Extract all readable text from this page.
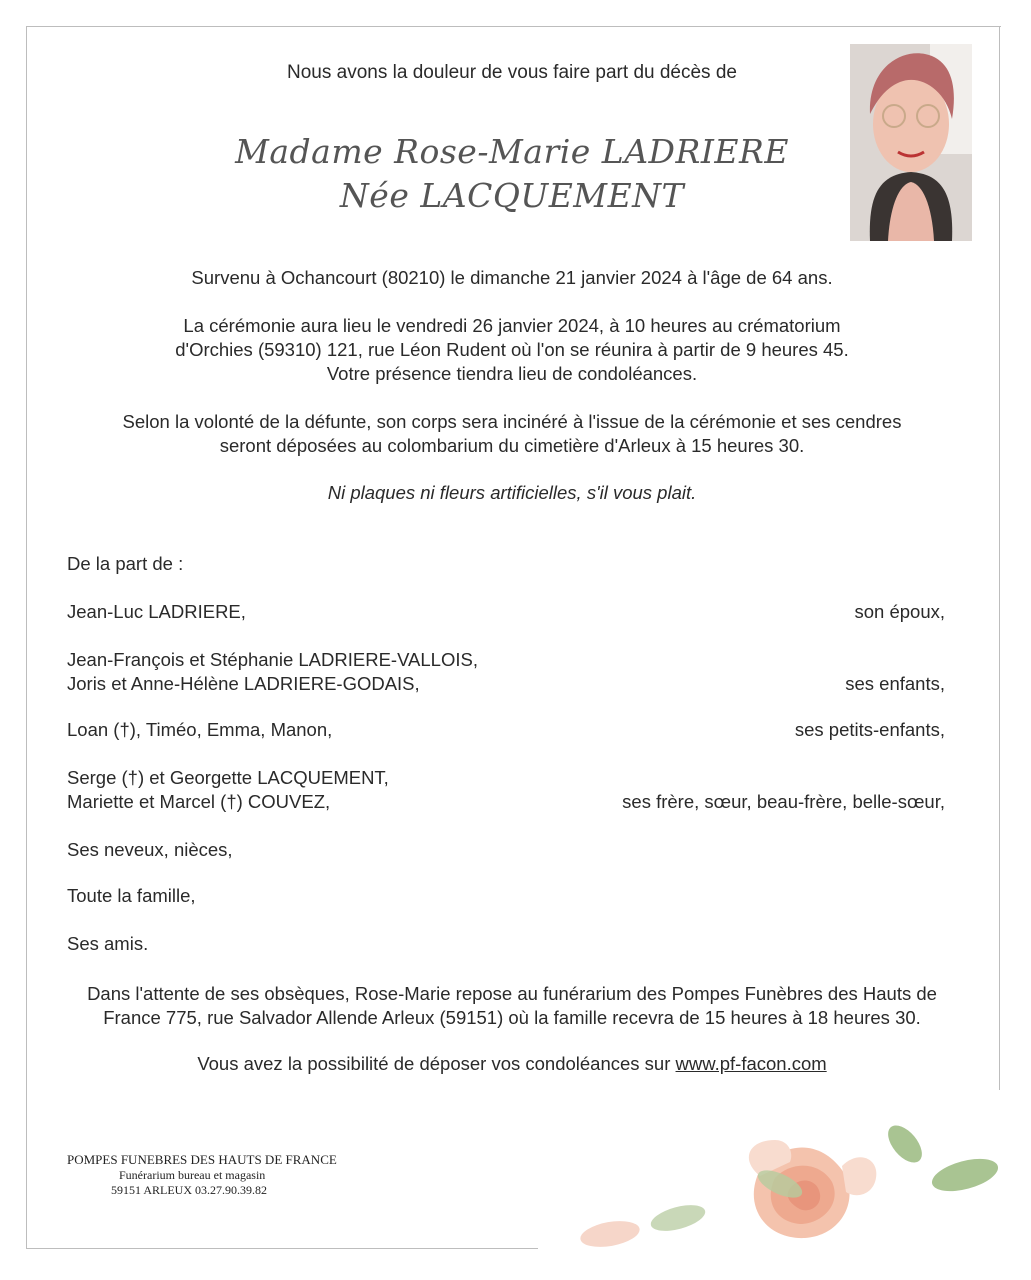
Nous avons la douleur de vous faire part du décès de
Madame Rose-Marie LADRIERE
Née LACQUEMENT
Survenu à Ochancourt (80210) le dimanche 21 janvier 2024 à l'âge de 64 ans.
La cérémonie aura lieu le vendredi 26 janvier 2024, à 10 heures au crématorium
d'Orchies (59310) 121, rue Léon Rudent où l'on se réunira à partir de 9 heures 45.
Votre présence tiendra lieu de condoléances.
Selon la volonté de la défunte, son corps sera incinéré à l'issue de la cérémonie et ses cendres
seront déposées au colombarium du cimetière d'Arleux à 15 heures 30.
Ni plaques ni fleurs artificielles, s'il vous plait.
De la part de :
Jean-Luc LADRIERE,	son époux,
Jean-François et Stéphanie LADRIERE-VALLOIS,
Joris et Anne-Hélène LADRIERE-GODAIS,	ses enfants,
Loan (†), Timéo, Emma, Manon,	ses petits-enfants,
Serge (†) et Georgette LACQUEMENT,
Mariette et Marcel (†) COUVEZ,	ses frère, sœur, beau-frère, belle-sœur,
Ses neveux, nièces,
Toute la famille,
Ses amis.
Dans l'attente de ses obsèques, Rose-Marie repose au funérarium des Pompes Funèbres des Hauts de
France 775, rue Salvador Allende Arleux (59151) où la famille recevra de 15 heures à 18 heures 30.
Vous avez la possibilité de déposer vos condoléances sur www.pf-facon.com
POMPES FUNEBRES DES HAUTS DE FRANCE
Funérarium bureau et magasin
59151 ARLEUX 03.27.90.39.82
